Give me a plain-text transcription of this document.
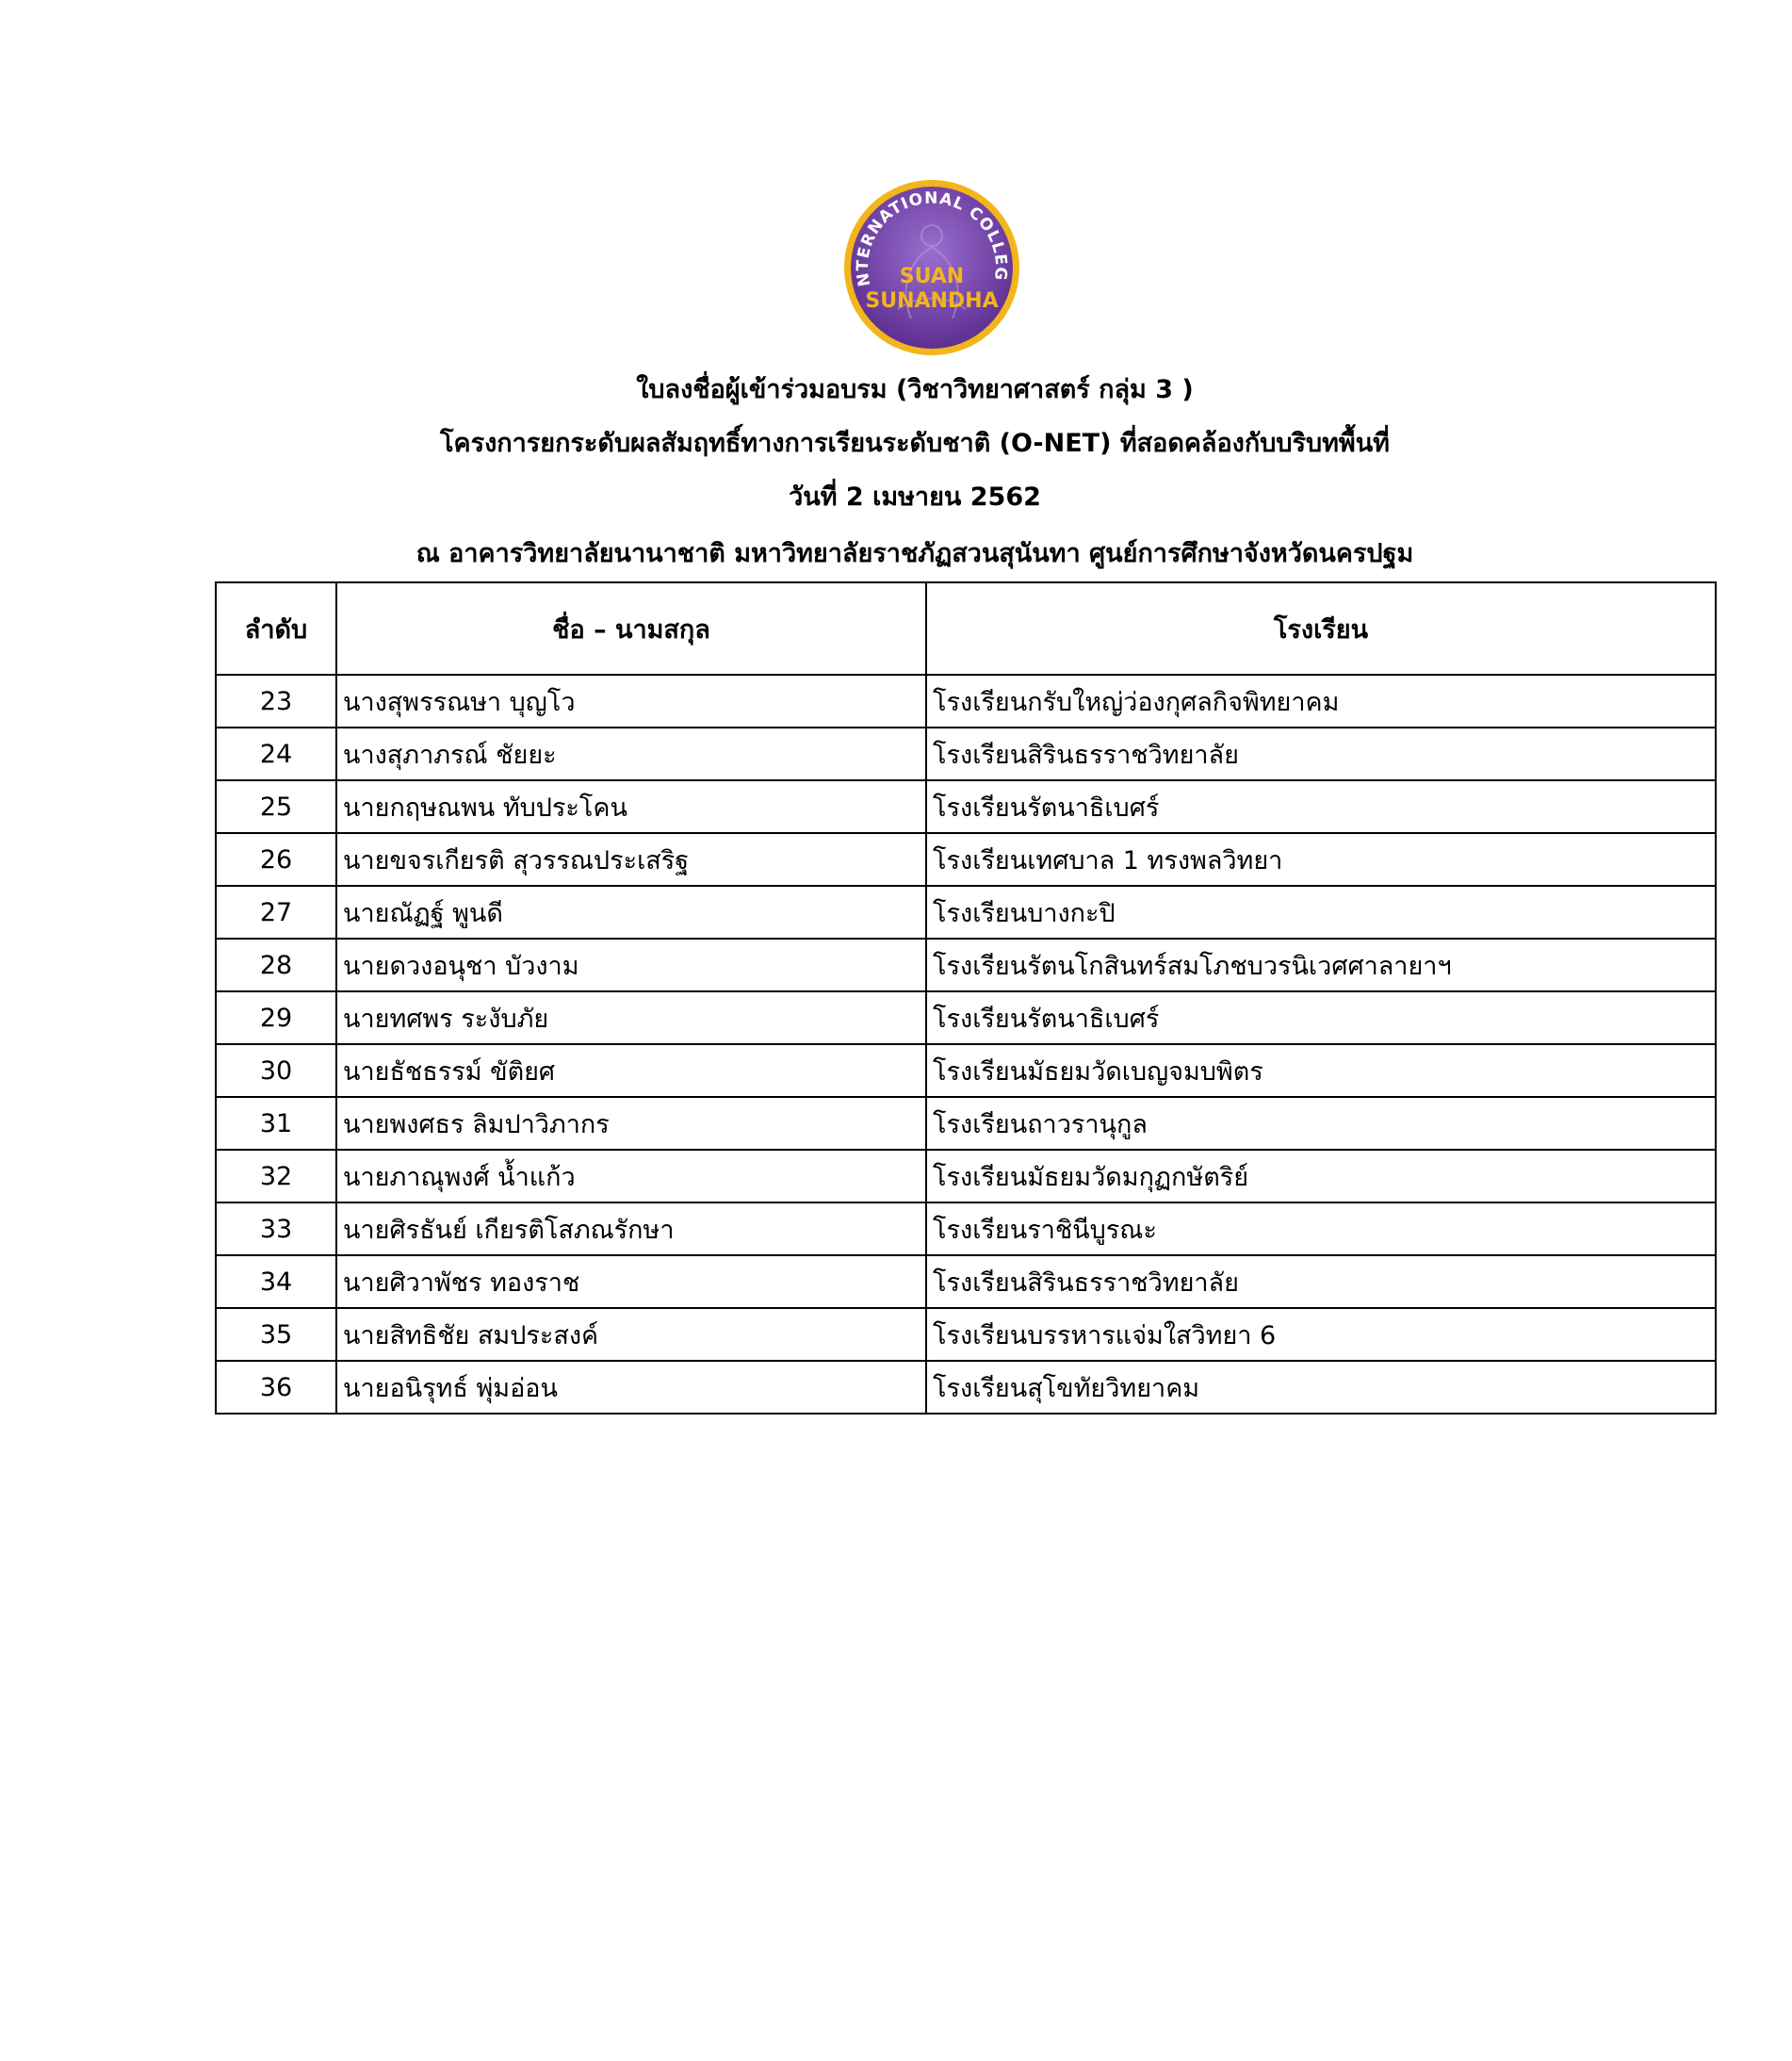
NTERNATIONAL COLLEG
SUAN
SUNANDHA
ใบลงชื่อผู้เข้าร่วมอบรม (วิชาวิทยาศาสตร์ กลุ่ม 3 )
โครงการยกระดับผลสัมฤทธิ์ทางการเรียนระดับชาติ (O-NET) ที่สอดคล้องกับบริบทพื้นที่
วันที่ 2 เมษายน 2562
ณ อาคารวิทยาลัยนานาชาติ มหาวิทยาลัยราชภัฏสวนสุนันทา ศูนย์การศึกษาจังหวัดนครปฐม
ลำดับ	ชื่อ – นามสกุล	โรงเรียน
23	นางสุพรรณษา บุญโว	โรงเรียนกรับใหญ่ว่องกุศลกิจพิทยาคม
24	นางสุภาภรณ์ ชัยยะ	โรงเรียนสิรินธรราชวิทยาลัย
25	นายกฤษณพน ทับประโคน	โรงเรียนรัตนาธิเบศร์
26	นายขจรเกียรติ สุวรรณประเสริฐ	โรงเรียนเทศบาล 1 ทรงพลวิทยา
27	นายณัฏฐ์ พูนดี	โรงเรียนบางกะปิ
28	นายดวงอนุชา บัวงาม	โรงเรียนรัตนโกสินทร์สมโภชบวรนิเวศศาลายาฯ
29	นายทศพร ระงับภัย	โรงเรียนรัตนาธิเบศร์
30	นายธัชธรรม์ ขัติยศ	โรงเรียนมัธยมวัดเบญจมบพิตร
31	นายพงศธร ลิมปาวิภากร	โรงเรียนถาวรานุกูล
32	นายภาณุพงศ์ น้ำแก้ว	โรงเรียนมัธยมวัดมกุฏกษัตริย์
33	นายศิรธันย์ เกียรติโสภณรักษา	โรงเรียนราชินีบูรณะ
34	นายศิวาพัชร ทองราช	โรงเรียนสิรินธรราชวิทยาลัย
35	นายสิทธิชัย สมประสงค์	โรงเรียนบรรหารแจ่มใสวิทยา 6
36	นายอนิรุทธ์ พุ่มอ่อน	โรงเรียนสุโขทัยวิทยาคม
